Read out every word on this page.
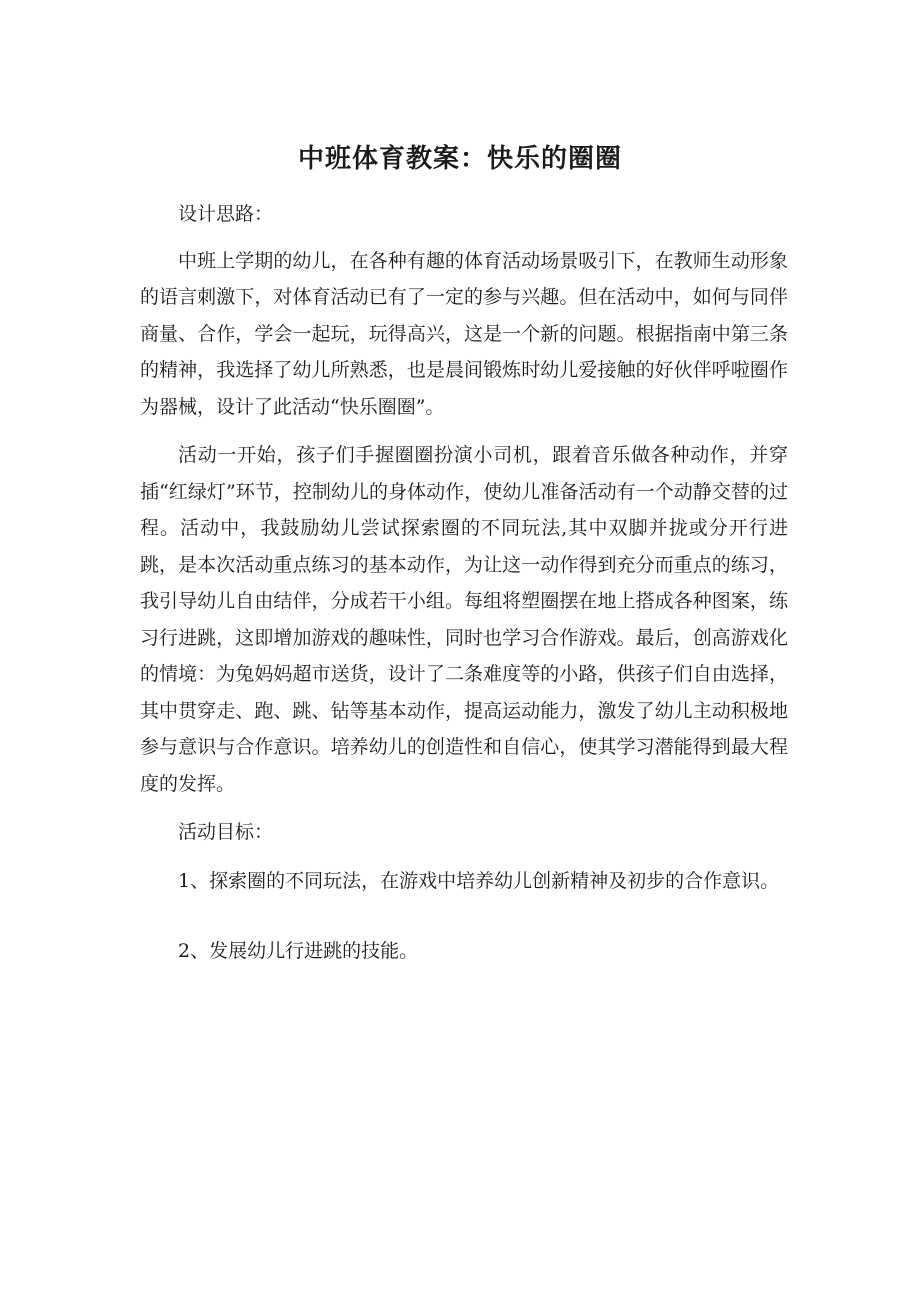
中班体育教案：快乐的圈圈

设计思路：

中班上学期的幼儿，在各种有趣的体育活动场景吸引下，在教师生动形象的语言刺激下，对体育活动已有了一定的参与兴趣。但在活动中，如何与同伴商量、合作，学会一起玩，玩得高兴，这是一个新的问题。根据指南中第三条的精神，我选择了幼儿所熟悉，也是晨间锻炼时幼儿爱接触的好伙伴呼啦圈作为器械，设计了此活动“快乐圈圈”。

活动一开始，孩子们手握圈圈扮演小司机，跟着音乐做各种动作，并穿插“红绿灯”环节，控制幼儿的身体动作，使幼儿准备活动有一个动静交替的过程。活动中，我鼓励幼儿尝试探索圈的不同玩法,其中双脚并拢或分开行进跳，是本次活动重点练习的基本动作，为让这一动作得到充分而重点的练习，我引导幼儿自由结伴，分成若干小组。每组将塑圈摆在地上搭成各种图案，练习行进跳，这即增加游戏的趣味性，同时也学习合作游戏。最后，创高游戏化的情境：为兔妈妈超市送货，设计了二条难度等的小路，供孩子们自由选择，其中贯穿走、跑、跳、钻等基本动作，提高运动能力，激发了幼儿主动积极地参与意识与合作意识。培养幼儿的创造性和自信心，使其学习潜能得到最大程度的发挥。

活动目标：

1、探索圈的不同玩法，在游戏中培养幼儿创新精神及初步的合作意识。

2、发展幼儿行进跳的技能。
